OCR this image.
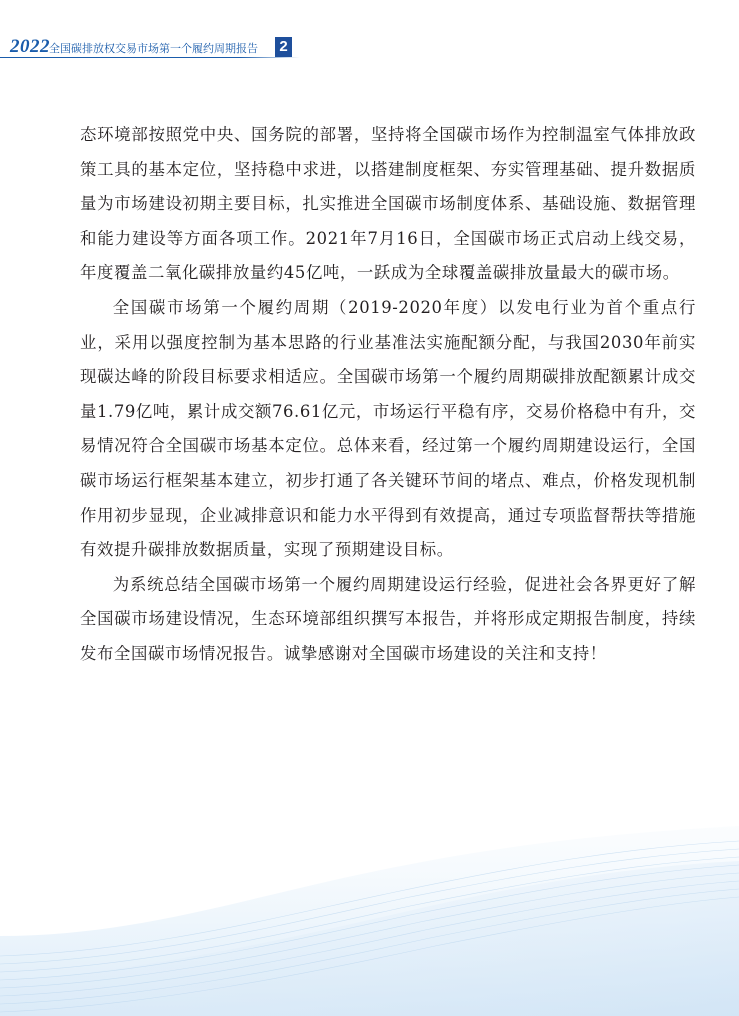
2022 全国碳排放权交易市场第一个履约周期报告 2

态环境部按照党中央、国务院的部署，坚持将全国碳市场作为控制温室气体排放政策工具的基本定位，坚持稳中求进，以搭建制度框架、夯实管理基础、提升数据质量为市场建设初期主要目标，扎实推进全国碳市场制度体系、基础设施、数据管理和能力建设等方面各项工作。2021年7月16日，全国碳市场正式启动上线交易，年度覆盖二氧化碳排放量约45亿吨，一跃成为全球覆盖碳排放量最大的碳市场。

全国碳市场第一个履约周期（2019-2020年度）以发电行业为首个重点行业，采用以强度控制为基本思路的行业基准法实施配额分配，与我国2030年前实现碳达峰的阶段目标要求相适应。全国碳市场第一个履约周期碳排放配额累计成交量1.79亿吨，累计成交额76.61亿元，市场运行平稳有序，交易价格稳中有升，交易情况符合全国碳市场基本定位。总体来看，经过第一个履约周期建设运行，全国碳市场运行框架基本建立，初步打通了各关键环节间的堵点、难点，价格发现机制作用初步显现，企业减排意识和能力水平得到有效提高，通过专项监督帮扶等措施有效提升碳排放数据质量，实现了预期建设目标。

为系统总结全国碳市场第一个履约周期建设运行经验，促进社会各界更好了解全国碳市场建设情况，生态环境部组织撰写本报告，并将形成定期报告制度，持续发布全国碳市场情况报告。诚挚感谢对全国碳市场建设的关注和支持！
